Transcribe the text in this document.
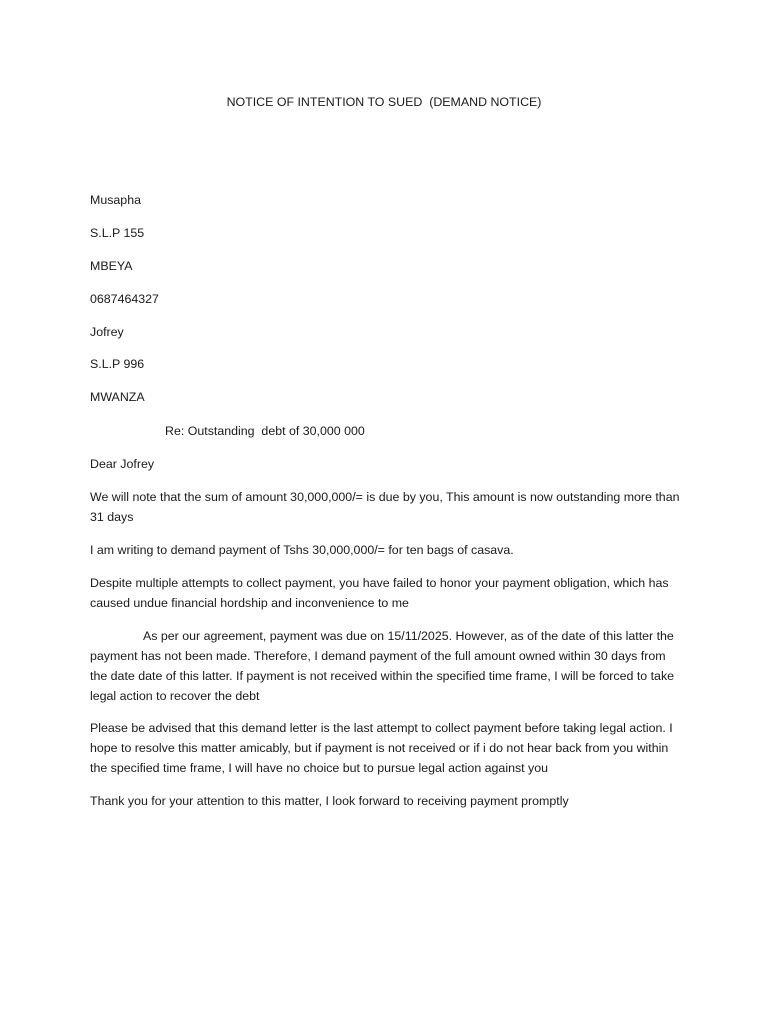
NOTICE OF INTENTION TO SUED  (DEMAND NOTICE)
Musapha
S.L.P 155
MBEYA
0687464327
Jofrey
S.L.P 996
MWANZA
Re: Outstanding  debt of 30,000 000
Dear Jofrey
We will note that the sum of amount 30,000,000/= is due by you, This amount is now outstanding more than 31 days
I am writing to demand payment of Tshs 30,000,000/= for ten bags of casava.
Despite multiple attempts to collect payment, you have failed to honor your payment obligation, which has caused undue financial hordship and inconvenience to me
As per our agreement, payment was due on 15/11/2025. However, as of the date of this latter the payment has not been made. Therefore, I demand payment of the full amount owned within 30 days from the date date of this latter. If payment is not received within the specified time frame, I will be forced to take legal action to recover the debt
Please be advised that this demand letter is the last attempt to collect payment before taking legal action. I hope to resolve this matter amicably, but if payment is not received or if i do not hear back from you within the specified time frame, I will have no choice but to pursue legal action against you
Thank you for your attention to this matter, I look forward to receiving payment promptly
